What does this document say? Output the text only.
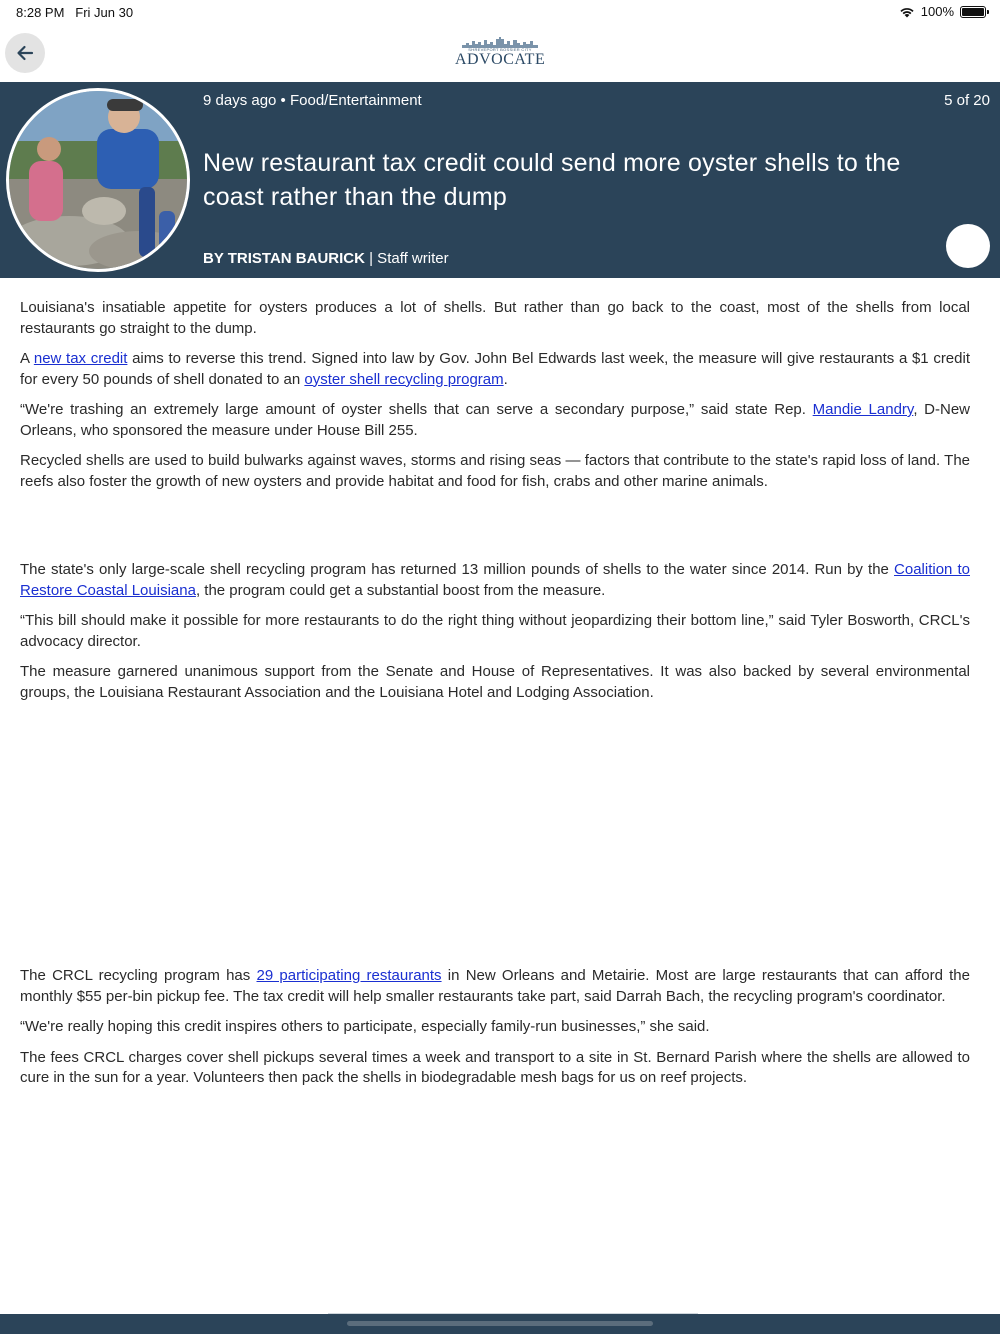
8:28 PM Fri Jun 30	100%
SHREVEPORT BOSSIER CITY
ADVOCATE
9 days ago • Food/Entertainment	5 of 20
New restaurant tax credit could send more oyster shells to the coast rather than the dump
BY TRISTAN BAURICK | Staff writer

Louisiana's insatiable appetite for oysters produces a lot of shells. But rather than go back to the coast, most of the shells from local restaurants go straight to the dump.

A new tax credit aims to reverse this trend. Signed into law by Gov. John Bel Edwards last week, the measure will give restaurants a $1 credit for every 50 pounds of shell donated to an oyster shell recycling program.

“We're trashing an extremely large amount of oyster shells that can serve a secondary purpose,” said state Rep. Mandie Landry, D-New Orleans, who sponsored the measure under House Bill 255.

Recycled shells are used to build bulwarks against waves, storms and rising seas — factors that contribute to the state's rapid loss of land. The reefs also foster the growth of new oysters and provide habitat and food for fish, crabs and other marine animals.

The state's only large-scale shell recycling program has returned 13 million pounds of shells to the water since 2014. Run by the Coalition to Restore Coastal Louisiana, the program could get a substantial boost from the measure.

“This bill should make it possible for more restaurants to do the right thing without jeopardizing their bottom line,” said Tyler Bosworth, CRCL's advocacy director.

The measure garnered unanimous support from the Senate and House of Representatives. It was also backed by several environmental groups, the Louisiana Restaurant Association and the Louisiana Hotel and Lodging Association.

The CRCL recycling program has 29 participating restaurants in New Orleans and Metairie. Most are large restaurants that can afford the monthly $55 per-bin pickup fee. The tax credit will help smaller restaurants take part, said Darrah Bach, the recycling program's coordinator.

“We're really hoping this credit inspires others to participate, especially family-run businesses,” she said.

The fees CRCL charges cover shell pickups several times a week and transport to a site in St. Bernard Parish where the shells are allowed to cure in the sun for a year. Volunteers then pack the shells in biodegradable mesh bags for us on reef projects.
